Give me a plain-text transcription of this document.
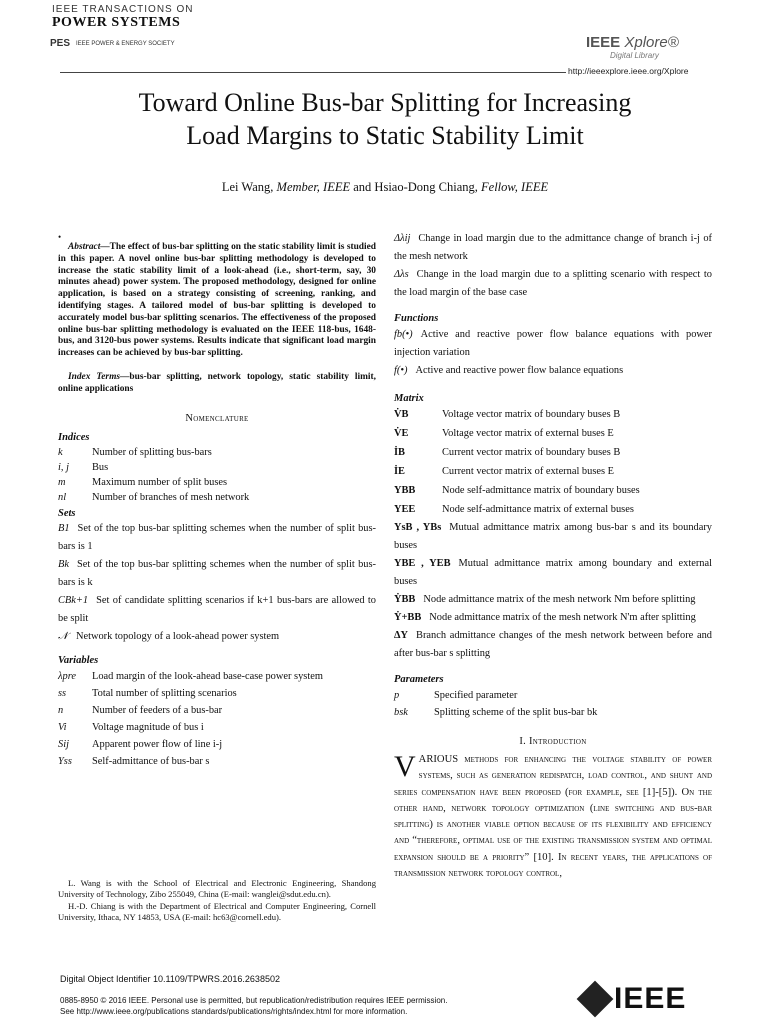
IEEE TRANSACTIONS ON
POWER SYSTEMS
PES IEEE POWER & ENERGY SOCIETY	IEEE Xplore®
Digital Library
http://ieeexplore.ieee.org/Xplore
Toward Online Bus-bar Splitting for Increasing
Load Margins to Static Stability Limit
Lei Wang, Member, IEEE and Hsiao-Dong Chiang, Fellow, IEEE
•
Abstract—The effect of bus-bar splitting on the static stability limit is studied in this paper. A novel online bus-bar splitting methodology is developed to increase the static stability limit of a look-ahead (i.e., short-term, say, 30 minutes ahead) power system. The proposed methodology, designed for online application, is based on a strategy consisting of screening, ranking, and identifying stages. A tailored model of bus-bar splitting is developed to accurately model bus-bar splitting scenarios. The effectiveness of the proposed online bus-bar splitting methodology is evaluated on the IEEE 118-bus, 1648-bus, and 3120-bus power systems. Results indicate that significant load margin increases can be achieved by bus-bar splitting.
Index Terms—bus-bar splitting, network topology, static stability limit, online applications
Nomenclature
Indices
k	Number of splitting bus-bars
i, j	Bus
m	Maximum number of split buses
nl	Number of branches of mesh network
Sets
B1 Set of the top bus-bar splitting schemes when the number of split bus-bars is 1
Bk Set of the top bus-bar splitting schemes when the number of split bus-bars is k
CBk+1 Set of candidate splitting scenarios if k+1 bus-bars are allowed to be split
𝒩 Network topology of a look-ahead power system
Variables
λpre	Load margin of the look-ahead base-case power system
ss	Total number of splitting scenarios
n	Number of feeders of a bus-bar
Vi	Voltage magnitude of bus i
Sij	Apparent power flow of line i-j
Yss	Self-admittance of bus-bar s
L. Wang is with the School of Electrical and Electronic Engineering, Shandong University of Technology, Zibo 255049, China (E-mail: wanglei@sdut.edu.cn).
H.-D. Chiang is with the Department of Electrical and Computer Engineering, Cornell University, Ithaca, NY 14853, USA (E-mail: hc63@cornell.edu).
Δλij Change in load margin due to the admittance change of branch i-j of the mesh network
Δλs Change in the load margin due to a splitting scenario with respect to the load margin of the base case
Functions
fb(•) Active and reactive power flow balance equations with power injection variation
f(•) Active and reactive power flow balance equations
Matrix
V̇B	Voltage vector matrix of boundary buses B
V̇E	Voltage vector matrix of external buses E
İB	Current vector matrix of boundary buses B
İE	Current vector matrix of external buses E
YBB	Node self-admittance matrix of boundary buses
YEE	Node self-admittance matrix of external buses
YsB , YBs Mutual admittance matrix among bus-bar s and its boundary buses
YBE , YEB Mutual admittance matrix among boundary and external buses
ẎBB Node admittance matrix of the mesh network Nm before splitting
Ẏ+BB Node admittance matrix of the mesh network N'm after splitting
ΔY Branch admittance changes of the mesh network between before and after bus-bar s splitting
Parameters
p	Specified parameter
bsk	Splitting scheme of the split bus-bar bk
I. Introduction
VARIOUS methods for enhancing the voltage stability of power systems, such as generation redispatch, load control, and shunt and series compensation have been proposed (for example, see [1]-[5]). On the other hand, network topology optimization (line switching and bus-bar splitting) is another viable option because of its flexibility and efficiency and “therefore, optimal use of the existing transmission system and optimal expansion should be a priority” [10]. In recent years, the applications of transmission network topology control,
Digital Object Identifier 10.1109/TPWRS.2016.2638502
0885-8950 © 2016 IEEE. Personal use is permitted, but republication/redistribution requires IEEE permission.
See http://www.ieee.org/publications standards/publications/rights/index.html for more information.	IEEE
